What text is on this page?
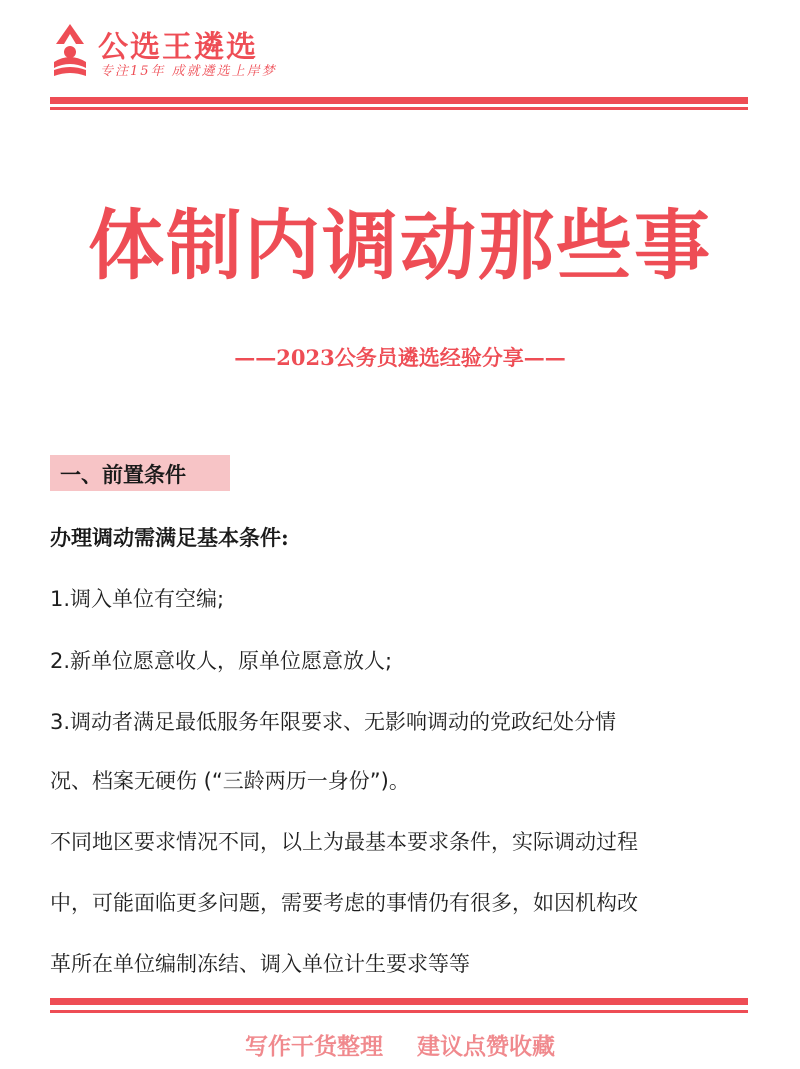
公选王遴选
专注15年 成就遴选上岸梦
体制内调动那些事
——2023公务员遴选经验分享——
一、前置条件
办理调动需满足基本条件:
1.调入单位有空编;
2.新单位愿意收人，原单位愿意放人;
3.调动者满足最低服务年限要求、无影响调动的党政纪处分情
况、档案无硬伤 (“三龄两历一身份”)。
不同地区要求情况不同，以上为最基本要求条件，实际调动过程
中，可能面临更多问题，需要考虑的事情仍有很多，如因机构改
革所在单位编制冻结、调入单位计生要求等等
写作干货整理 建议点赞收藏
